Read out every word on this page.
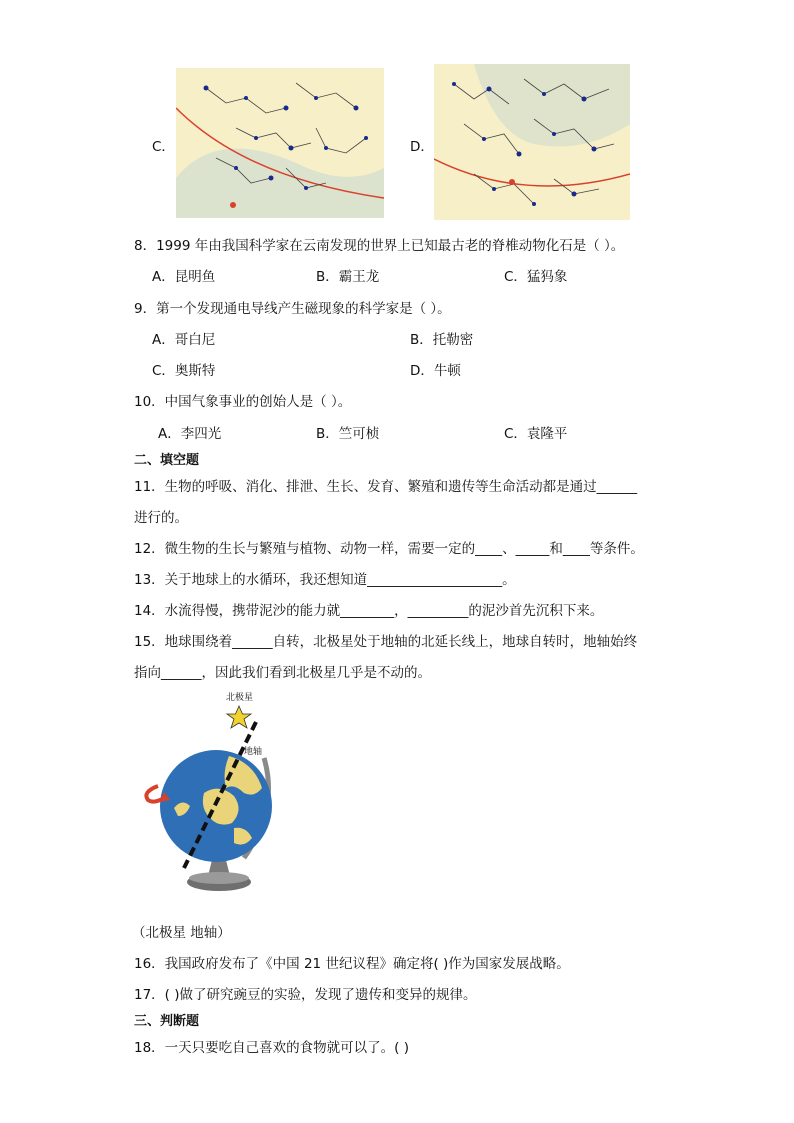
C．	D．
8．1999 年由我国科学家在云南发现的世界上已知最古老的脊椎动物化石是（ ）。
A．昆明鱼	B．霸王龙	C．猛犸象
9．第一个发现通电导线产生磁现象的科学家是（ ）。
A．哥白尼	B．托勒密
C．奥斯特	D．牛顿
10．中国气象事业的创始人是（ ）。
A．李四光	B．竺可桢	C．袁隆平
二、填空题
11．生物的呼吸、消化、排泄、生长、发育、繁殖和遗传等生命活动都是通过______
进行的。
12．微生物的生长与繁殖与植物、动物一样，需要一定的____、_____和____等条件。
13．关于地球上的水循环，我还想知道____________________。
14．水流得慢，携带泥沙的能力就________，_________的泥沙首先沉积下来。
15．地球围绕着______自转，北极星处于地轴的北延长线上，地球自转时，地轴始终
指向______，因此我们看到北极星几乎是不动的。
北极星
地轴
（北极星 地轴）
16．我国政府发布了《中国 21 世纪议程》确定将( )作为国家发展战略。
17．( )做了研究豌豆的实验，发现了遗传和变异的规律。
三、判断题
18．一天只要吃自己喜欢的食物就可以了。( )
